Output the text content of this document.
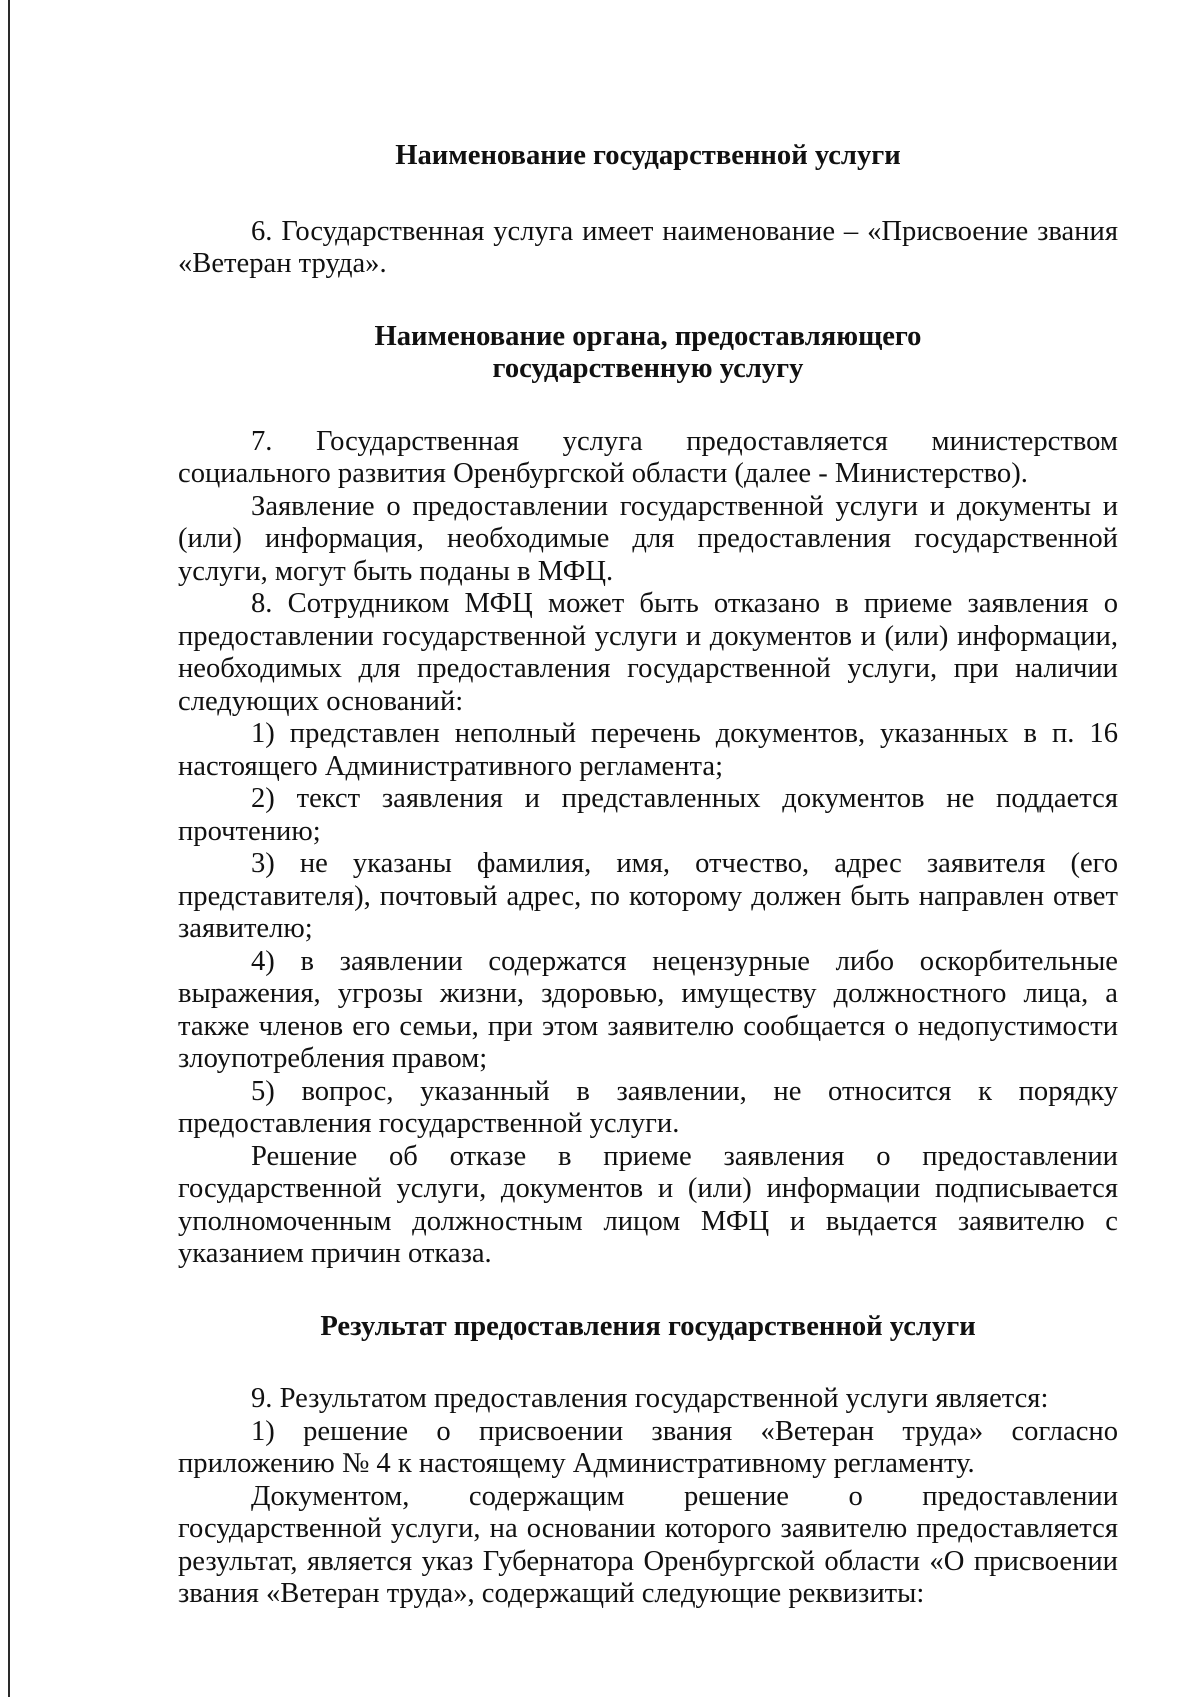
Наименование государственной услуги

6. Государственная услуга имеет наименование – «Присвоение звания «Ветеран труда».

Наименование органа, предоставляющего

государственную услугу

7. Государственная услуга предоставляется министерством социального развития Оренбургской области (далее - Министерство).

Заявление о предоставлении государственной услуги и документы и (или) информация, необходимые для предоставления государственной услуги, могут быть поданы в МФЦ.

8. Сотрудником МФЦ может быть отказано в приеме заявления о предоставлении государственной услуги и документов и (или) информации, необходимых для предоставления государственной услуги, при наличии следующих оснований:

1) представлен неполный перечень документов, указанных в п. 16 настоящего Административного регламента;

2) текст заявления и представленных документов не поддается прочтению;

3) не указаны фамилия, имя, отчество, адрес заявителя (его представителя), почтовый адрес, по которому должен быть направлен ответ заявителю;

4) в заявлении содержатся нецензурные либо оскорбительные выражения, угрозы жизни, здоровью, имуществу должностного лица, а также членов его семьи, при этом заявителю сообщается о недопустимости злоупотребления правом;

5) вопрос, указанный в заявлении, не относится к порядку предоставления государственной услуги.

Решение об отказе в приеме заявления о предоставлении государственной услуги, документов и (или) информации подписывается уполномоченным должностным лицом МФЦ и выдается заявителю с указанием причин отказа.

Результат предоставления государственной услуги

9. Результатом предоставления государственной услуги является:

1) решение о присвоении звания «Ветеран труда» согласно приложению № 4 к настоящему Административному регламенту.

Документом, содержащим решение о предоставлении государственной услуги, на основании которого заявителю предоставляется результат, является указ Губернатора Оренбургской области «О присвоении звания «Ветеран труда», содержащий следующие реквизиты:
